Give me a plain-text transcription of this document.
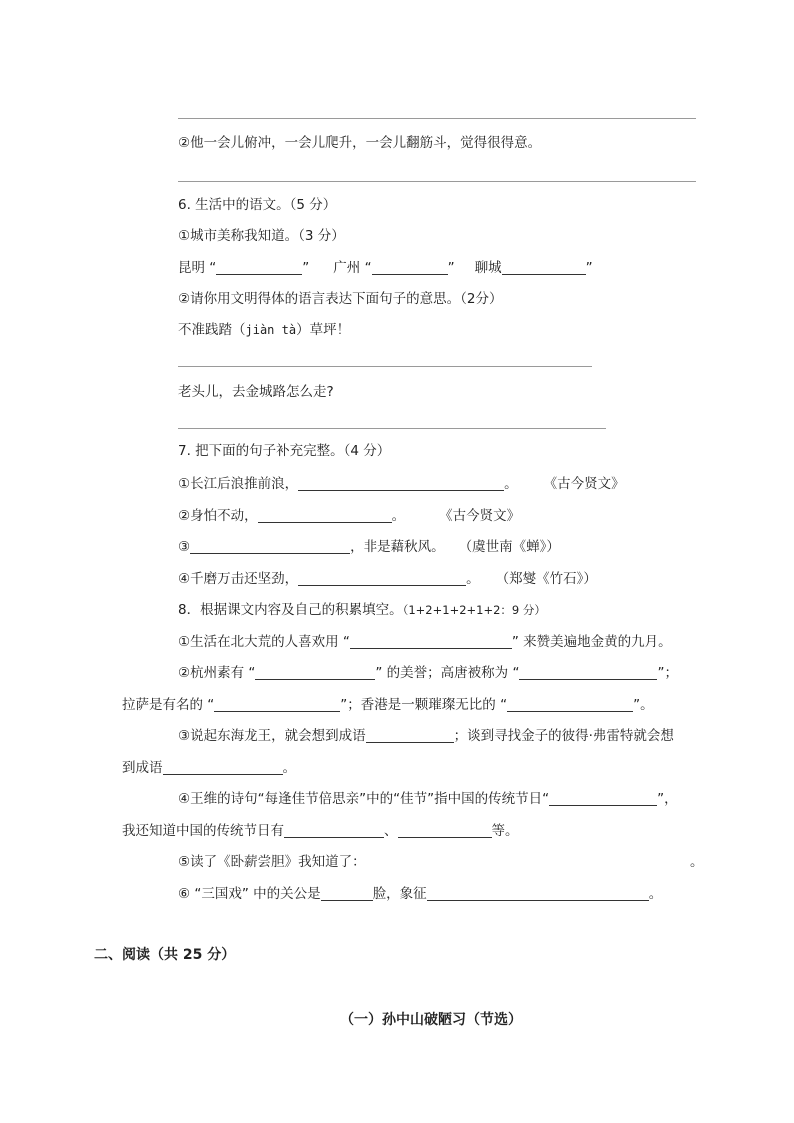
②他一会儿俯冲，一会儿爬升，一会儿翻筋斗，觉得很得意。
6. 生活中的语文。（5 分）
①城市美称我知道。（3 分）
昆明 “	” 广州 “	” 聊城	”
②请你用文明得体的语言表达下面句子的意思。（2分）
不准践踏（jiàn tà）草坪！
老头儿，去金城路怎么走?
7. 把下面的句子补充完整。（4 分）
①长江后浪推前浪，	。 《古今贤文》
②身怕不动，	。	《古今贤文》
③	，非是藉秋风。 （虞世南《蝉》）
④千磨万击还坚劲，	。 （郑燮《竹石》）
8．根据课文内容及自己的积累填空。（1+2+1+2+1+2：9 分）
①生活在北大荒的人喜欢用 “	” 来赞美遍地金黄的九月。
②杭州素有 “	” 的美誉；高唐被称为 “	”；
拉萨是有名的 “	”；香港是一颗璀璨无比的 “	”。
③说起东海龙王，就会想到成语	；谈到寻找金子的彼得·弗雷特就会想
到成语	。
④王维的诗句“每逢佳节倍思亲”中的“佳节”指中国的传统节日“	”，
我还知道中国的传统节日有	、	等。
⑤读了《卧薪尝胆》我知道了：	。
⑥ “三国戏” 中的关公是	脸，象征	。
二、阅读（共 25 分）
（一）孙中山破陋习（节选）
